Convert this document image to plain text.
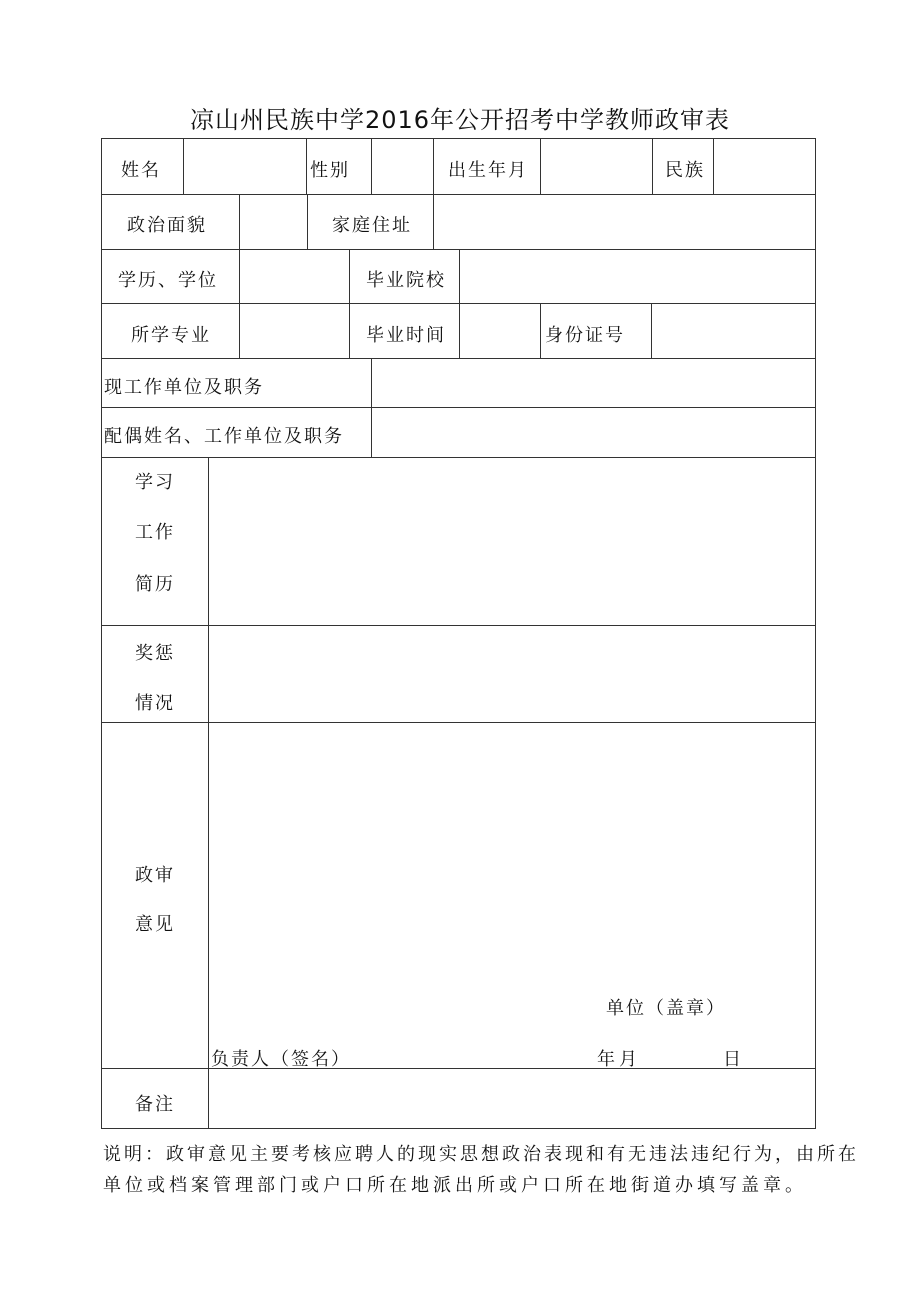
凉山州民族中学2016年公开招考中学教师政审表
姓名	性别	出生年月	民族
政治面貌	家庭住址
学历、学位	毕业院校
所学专业	毕业时间	身份证号
现工作单位及职务
配偶姓名、工作单位及职务
学习
工作
简历
奖惩
情况
政审
意见
单位（盖章）
负责人（签名）	年月	日
备注
说明：政审意见主要考核应聘人的现实思想政治表现和有无违法违纪行为，由所在
单位或档案管理部门或户口所在地派出所或户口所在地街道办填写盖章。
